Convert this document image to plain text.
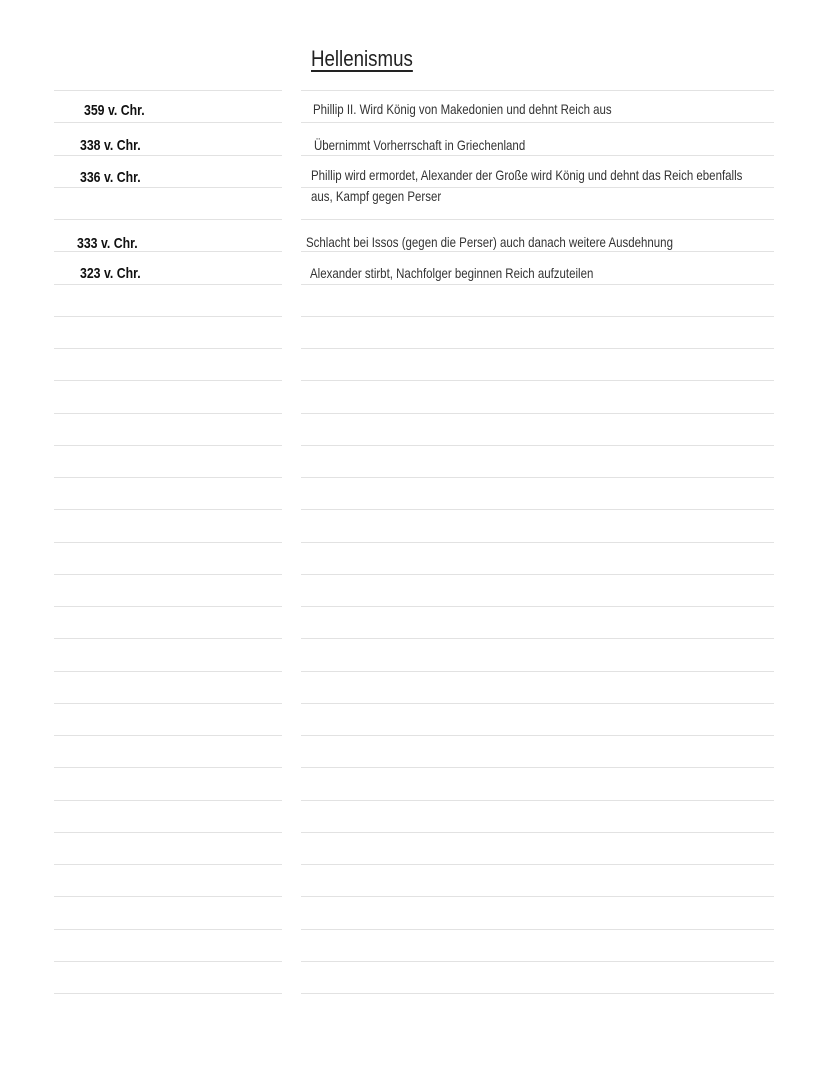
Hellenismus
359 v. Chr.	Phillip II. Wird König von Makedonien und dehnt Reich aus
338 v. Chr.	Übernimmt Vorherrschaft in Griechenland
336 v. Chr.	Phillip wird ermordet, Alexander der Große wird König und dehnt das Reich ebenfalls
aus, Kampf gegen Perser
333 v. Chr.	Schlacht bei Issos (gegen die Perser) auch danach weitere Ausdehnung
323 v. Chr.	Alexander stirbt, Nachfolger beginnen Reich aufzuteilen
